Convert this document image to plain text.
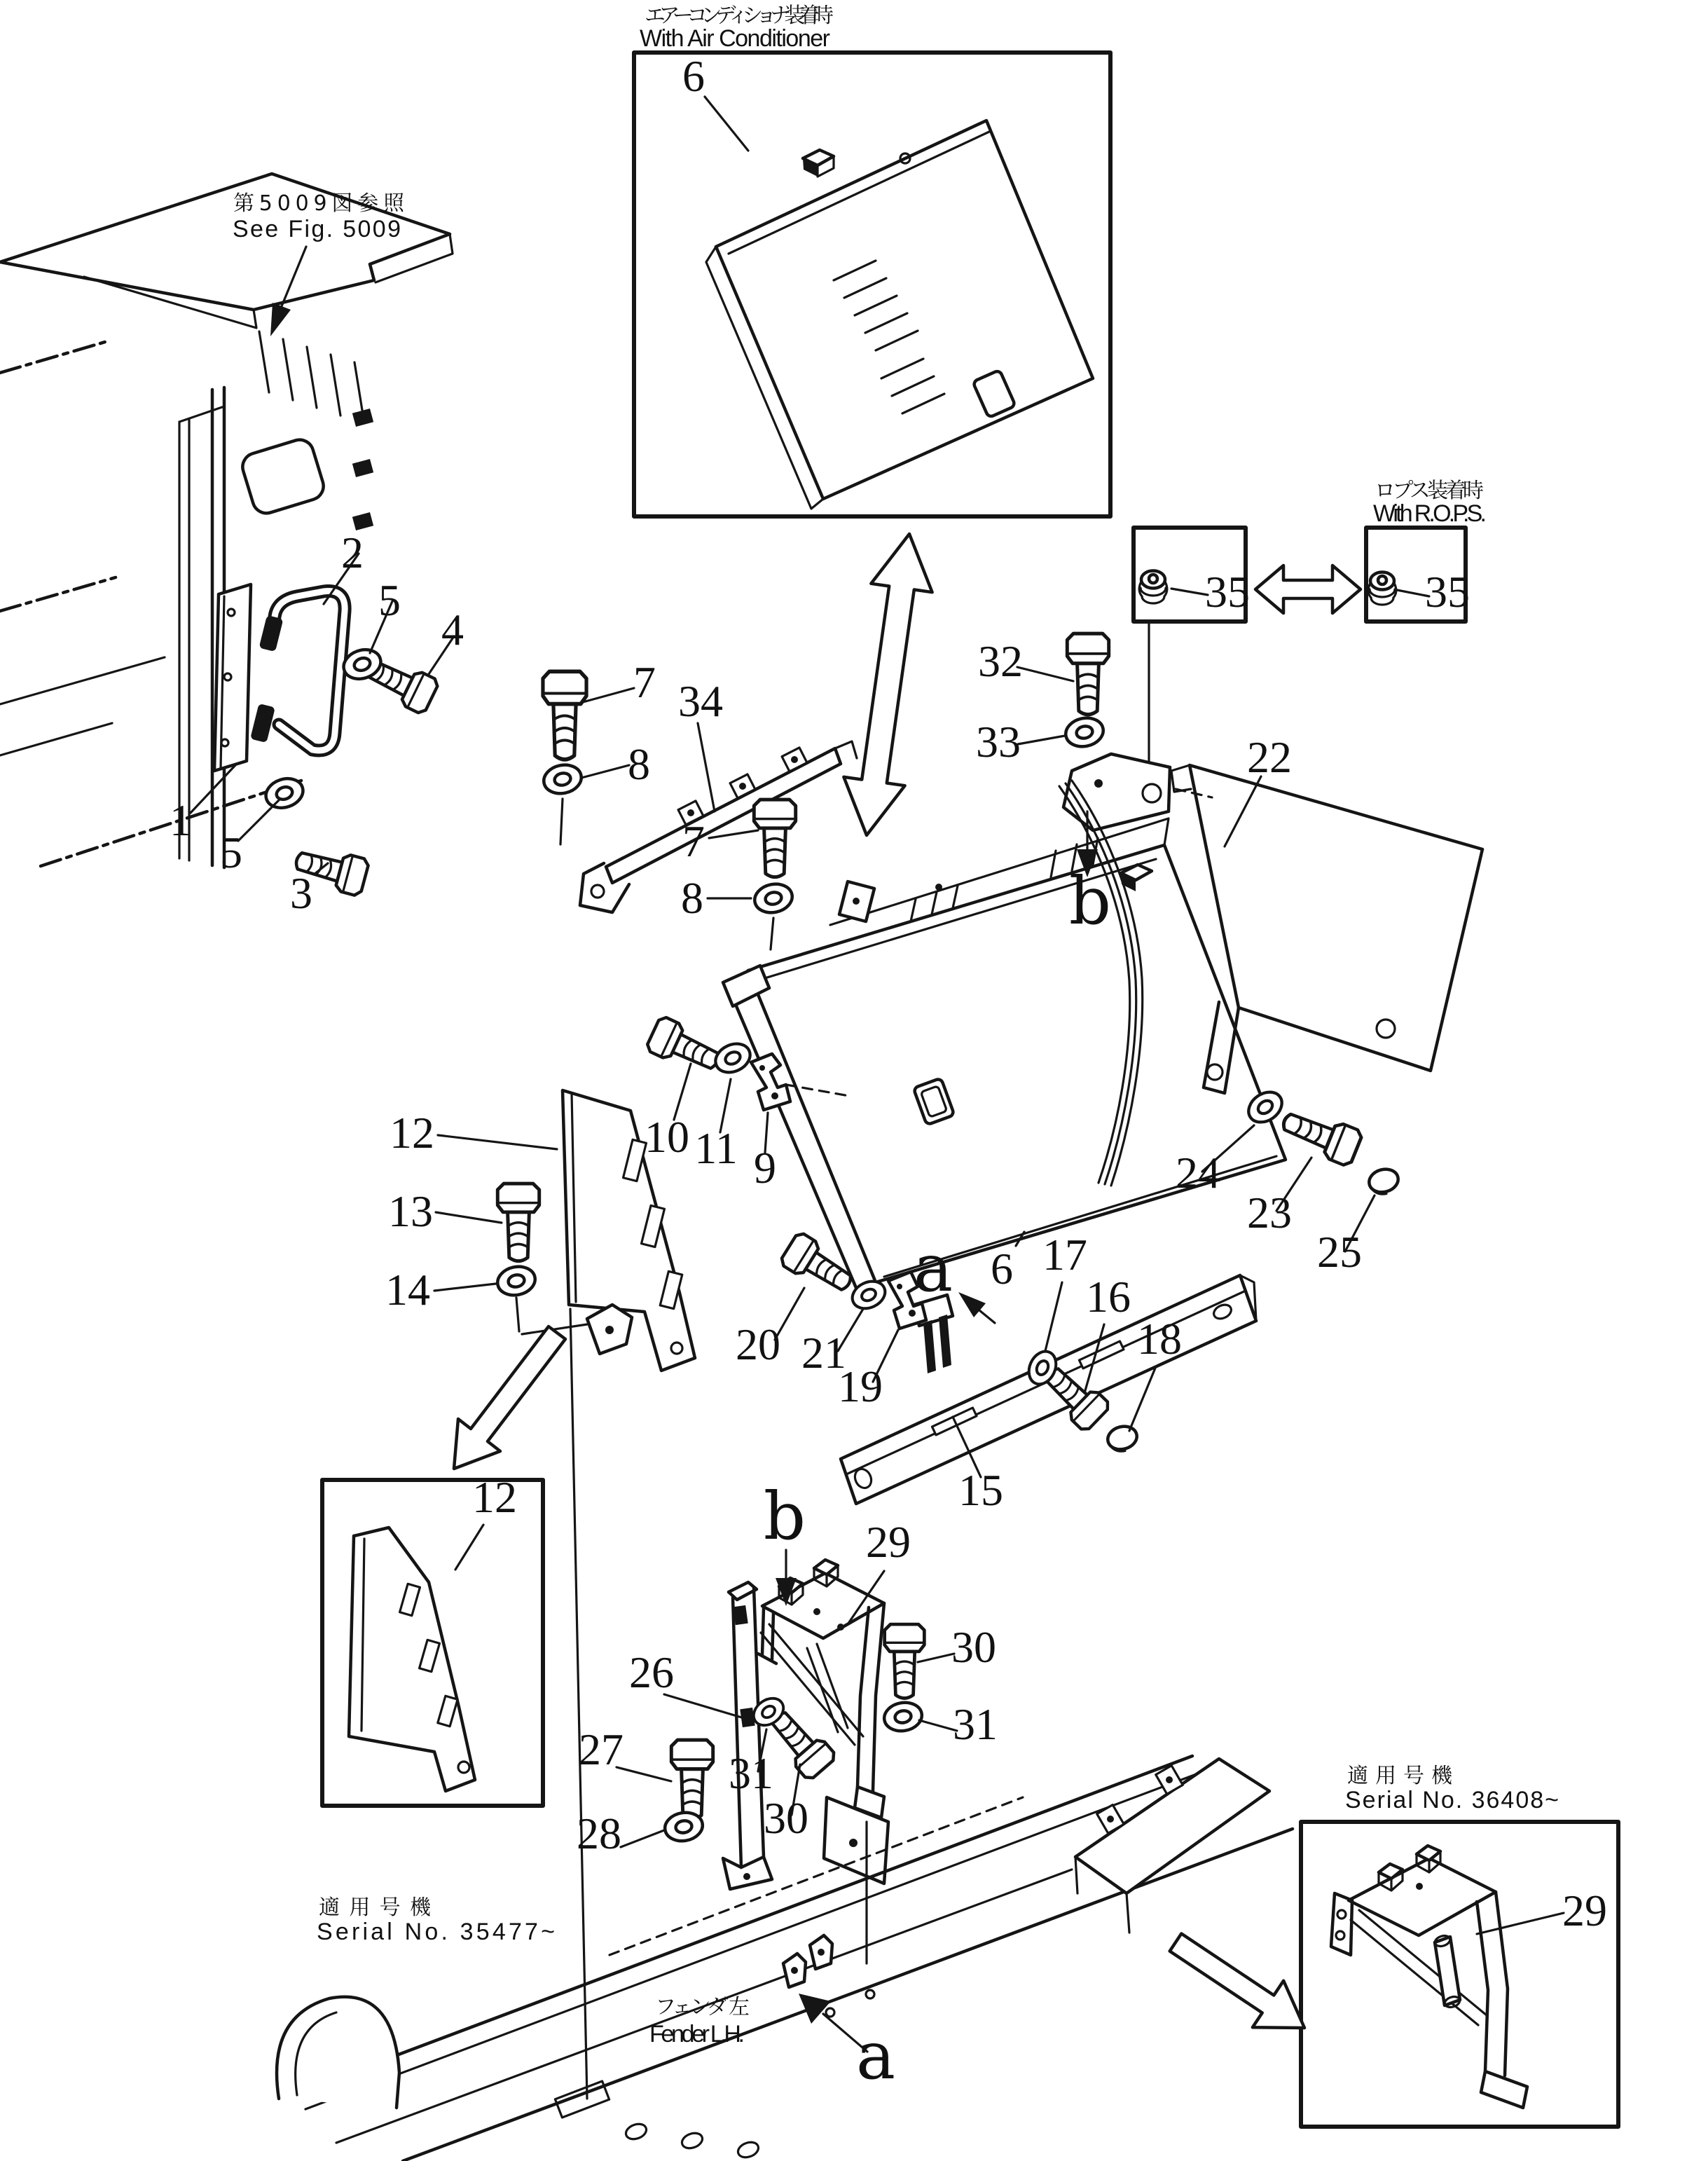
エアーコンディショナ装着時
With Air Conditioner
第5009図参照
See Fig. 5009
ロプス装着時
With R.O.P.S.
適用号機
Serial No. 35477~
適用号機
Serial No. 36408~
フェンダ 左
Fender L.H.
1
2
3
4
5
5
6
6
7
7
8
8
9
10 11
12
12
13
14
15
16
17
18
19
20 21
22
23
24
25
26
27
28
29
29
30
30
31
31
32
33
34
35	35
a
a
b
b
